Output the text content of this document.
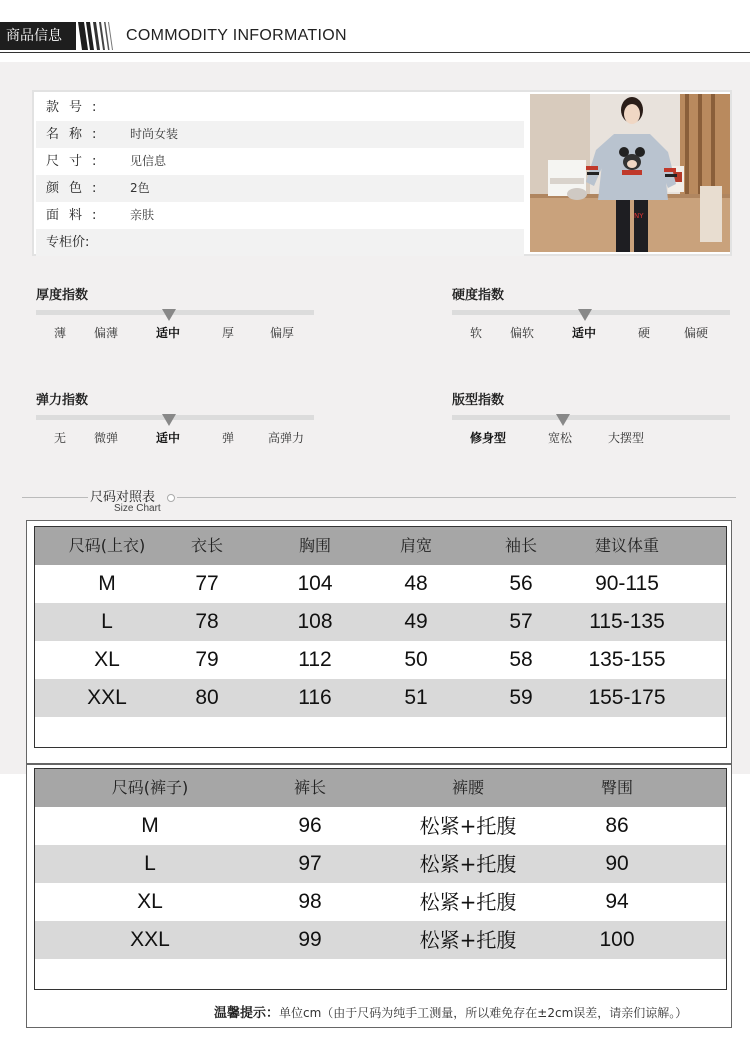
商品信息	COMMODITY INFORMATION
款号:
名称:	时尚女装
尺寸:	见信息
颜色:	2色
面料:	亲肤
专柜价:
NY
厚度指数
薄 偏薄	适中	厚	偏厚
硬度指数
软 偏软	适中	硬	偏硬
弹力指数
无 微弹	适中	弹	高弹力
版型指数
修身型	宽松	大摆型
尺码对照表
Size Chart
尺码(上衣)	衣长	胸围	肩宽	袖长	建议体重
M	77	104	48	56	90-115
L	78	108	49	57	115-135
XL	79	112	50	58	135-155
XXL	80	116	51	59	155-175
尺码(裤子)	裤长	裤腰	臀围
M	96	松紧+托腹	86
L	97	松紧+托腹	90
XL	98	松紧+托腹	94
XXL	99	松紧+托腹	100
温馨提示：单位cm（由于尺码为纯手工测量，所以难免存在±2cm误差，请亲们谅解。）
